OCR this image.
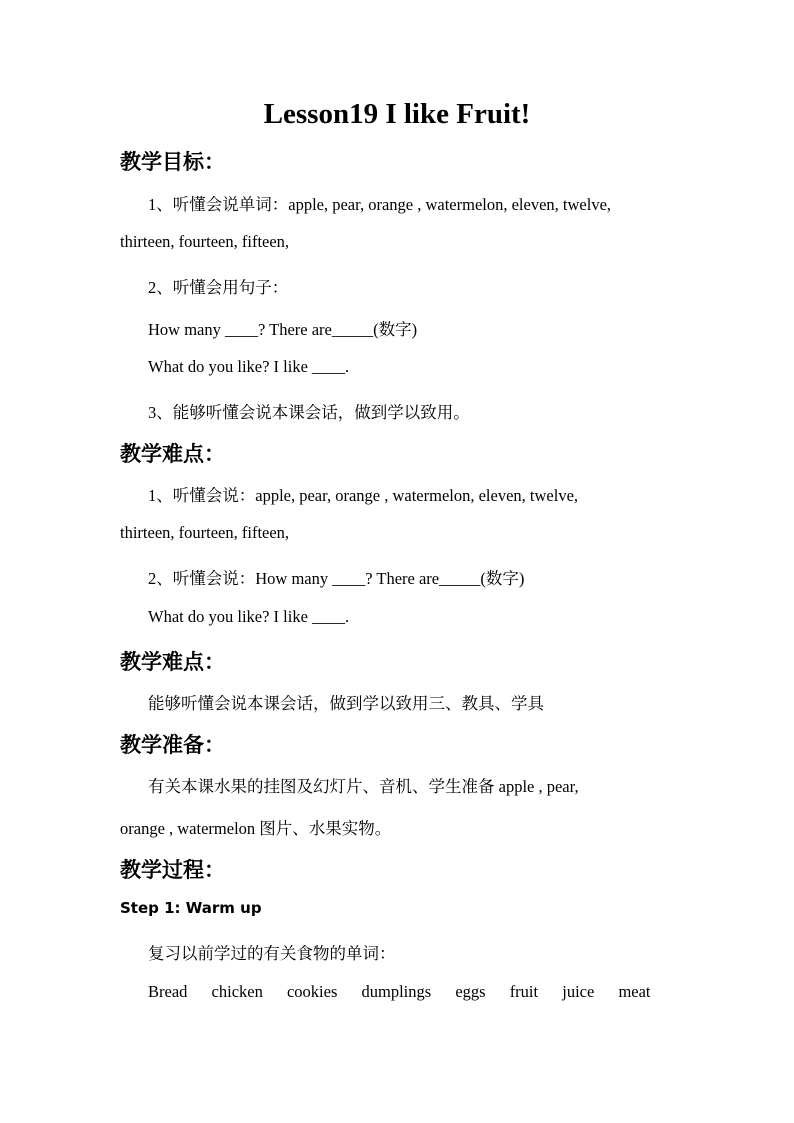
Lesson19 I like Fruit!
教学目标：
1、听懂会说单词：apple, pear, orange , watermelon, eleven, twelve,
thirteen, fourteen, fifteen,
2、听懂会用句子：
How many ____? There are_____(数字)
What do you like? I like ____.
3、能够听懂会说本课会话，做到学以致用。
教学难点：
1、听懂会说：apple, pear, orange , watermelon, eleven, twelve,
thirteen, fourteen, fifteen,
2、听懂会说：How many ____? There are_____(数字)
What do you like? I like ____.
教学难点：
能够听懂会说本课会话，做到学以致用三、教具、学具
教学准备：
有关本课水果的挂图及幻灯片、音机、学生准备 apple , pear,
orange , watermelon 图片、水果实物。
教学过程：
Step 1: Warm up
复习以前学过的有关食物的单词：
Bread chicken cookies dumplings eggs fruit juice meat
